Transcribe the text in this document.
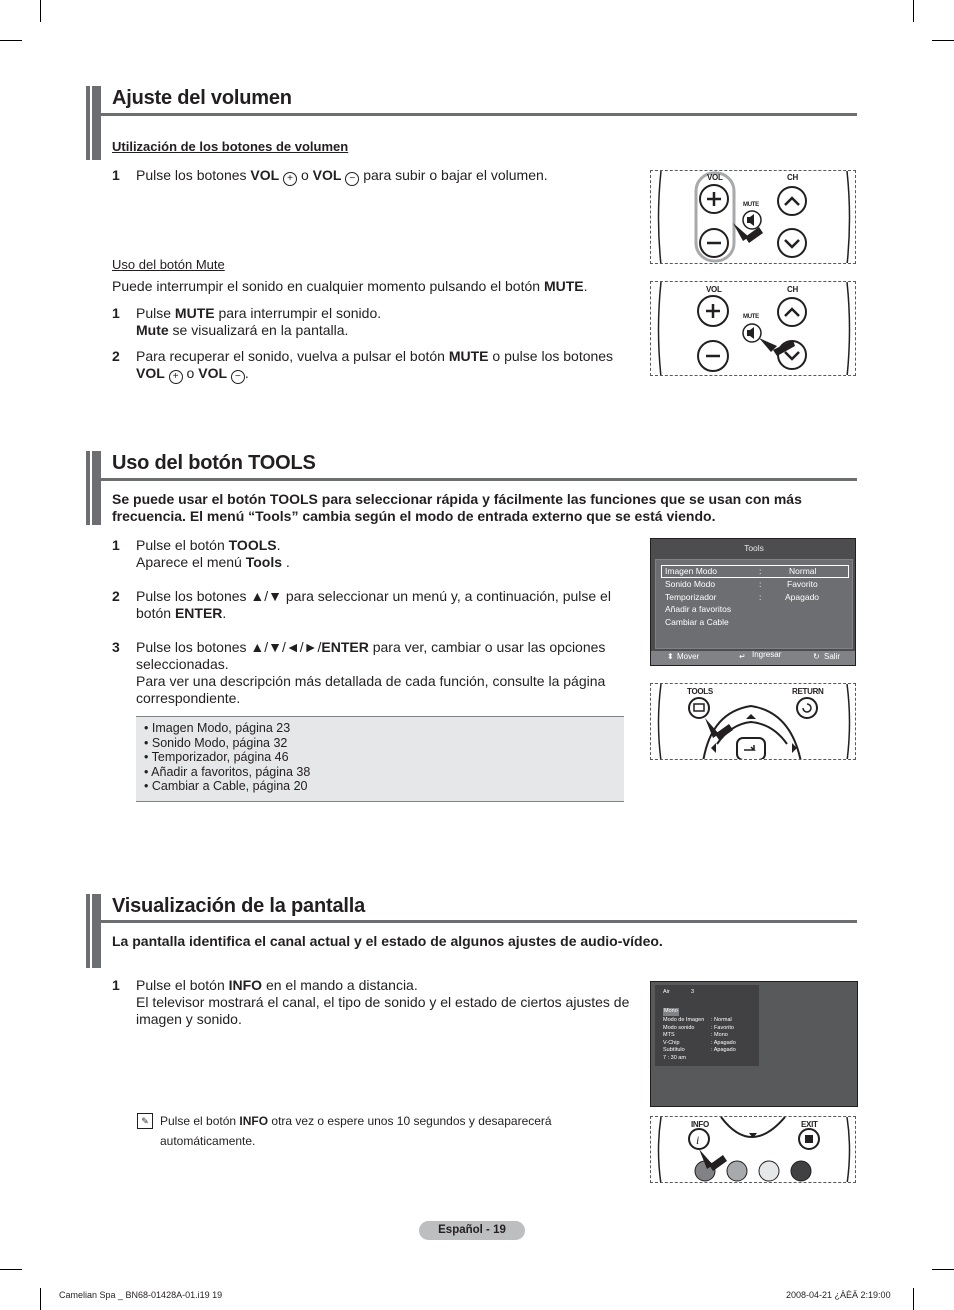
Ajuste del volumen
Utilización de los botones de volumen
1 Pulse los botones VOL + o VOL − para subir o bajar el volumen.
Uso del botón Mute
Puede interrumpir el sonido en cualquier momento pulsando el botón MUTE.
1 Pulse MUTE para interrumpir el sonido.
Mute se visualizará en la pantalla.
2 Para recuperar el sonido, vuelva a pulsar el botón MUTE o pulse los botones
VOL + o VOL − .
VOL	CH
MUTE
VOL	CH
MUTE
Uso del botón TOOLS
Se puede usar el botón TOOLS para seleccionar rápida y fácilmente las funciones que se usan con más frecuencia. El menú “Tools” cambia según el modo de entrada externo que se está viendo.
1 Pulse el botón TOOLS.
Aparece el menú Tools .
2 Pulse los botones ▲/▼ para seleccionar un menú y, a continuación, pulse el botón ENTER.
3 Pulse los botones ▲/▼/◄/►/ENTER para ver, cambiar o usar las opciones seleccionadas.
Para ver una descripción más detallada de cada función, consulte la página correspondiente.
• Imagen Modo, página 23
• Sonido Modo, página 32
• Temporizador, página 46
• Añadir a favoritos, página 38
• Cambiar a Cable, página 20
Tools
Imagen Modo	:	Normal
Sonido Modo	:	Favorito
Temporizador	:	Apagado
Añadir a favoritos
Cambiar a Cable
⬍ Mover	↵ Ingresar	↻ Salir
TOOLS	RETURN
Visualización de la pantalla
La pantalla identifica el canal actual y el estado de algunos ajustes de audio-vídeo.
1 Pulse el botón INFO en el mando a distancia.
El televisor mostrará el canal, el tipo de sonido y el estado de ciertos ajustes de imagen y sonido.
✎ Pulse el botón INFO otra vez o espere unos 10 segundos y desaparecerá automáticamente.
Air	3
Mono
Modo de Imagen : Normal
Modo sonido	: Favorito
MTS	: Mono
V-Chip	: Apagado
Subtítulo	: Apagado
7 : 30 am
i
INFO	EXIT
Español - 19
Camelian Spa _ BN68-01428A-01.i19 19	2008-04-21 ¿ÀÈÄ 2:19:00
